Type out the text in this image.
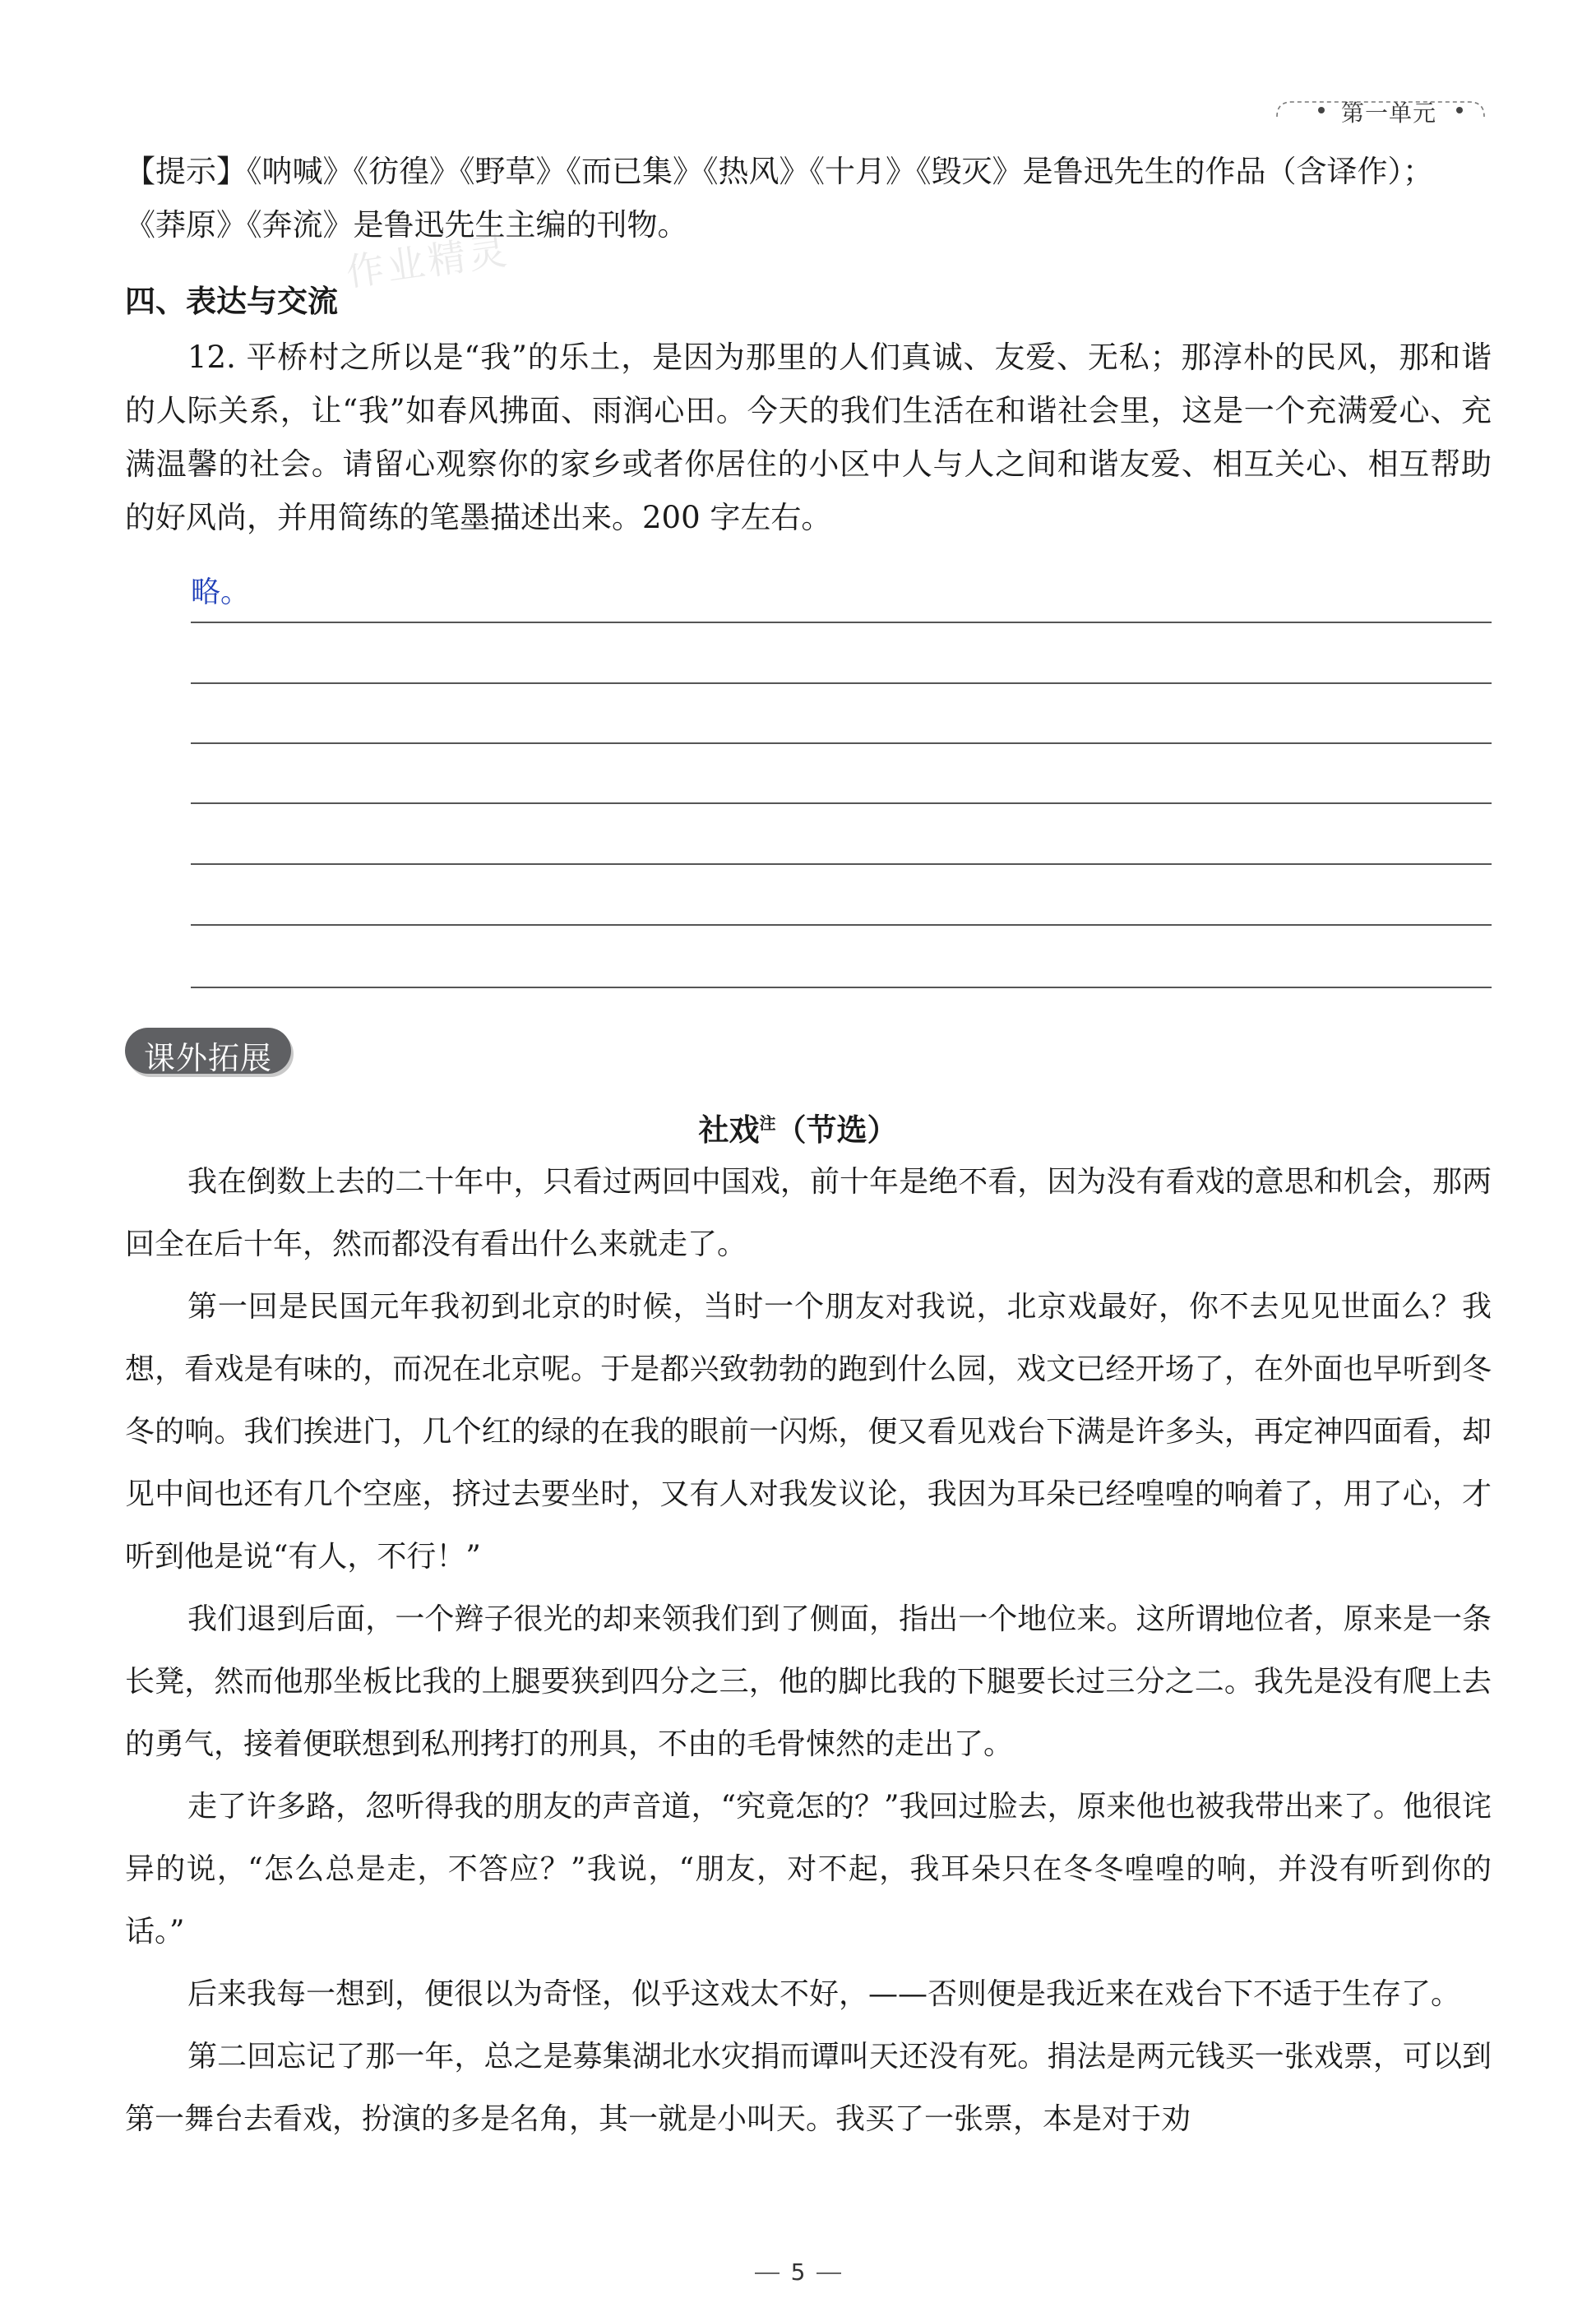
第一单元

【提示】《呐喊》《彷徨》《野草》《而已集》《热风》《十月》《毁灭》是鲁迅先生的作品（含译作）；

《莽原》《奔流》是鲁迅先生主编的刊物。

作业精灵
四、表达与交流
12. 平桥村之所以是“我”的乐土，是因为那里的人们真诚、友爱、无私；那淳朴的民风，那和谐的人际关系，让“我”如春风拂面、雨润心田。今天的我们生活在和谐社会里，这是一个充满爱心、充满温馨的社会。请留心观察你的家乡或者你居住的小区中人与人之间和谐友爱、相互关心、相互帮助的好风尚，并用简练的笔墨描述出来。200 字左右。
略。
课外拓展
社戏$^注$（节选）

我在倒数上去的二十年中，只看过两回中国戏，前十年是绝不看，因为没有看戏的意思和机会，那两回全在后十年，然而都没有看出什么来就走了。

第一回是民国元年我初到北京的时候，当时一个朋友对我说，北京戏最好，你不去见见世面么？我想，看戏是有味的，而况在北京呢。于是都兴致勃勃的跑到什么园，戏文已经开场了，在外面也早听到冬冬的响。我们挨进门，几个红的绿的在我的眼前一闪烁，便又看见戏台下满是许多头，再定神四面看，却见中间也还有几个空座，挤过去要坐时，又有人对我发议论，我因为耳朵已经喤喤的响着了，用了心，才听到他是说“有人，不行！”

我们退到后面，一个辫子很光的却来领我们到了侧面，指出一个地位来。这所谓地位者，原来是一条长凳，然而他那坐板比我的上腿要狭到四分之三，他的脚比我的下腿要长过三分之二。我先是没有爬上去的勇气，接着便联想到私刑拷打的刑具，不由的毛骨悚然的走出了。

走了许多路，忽听得我的朋友的声音道，“究竟怎的？”我回过脸去，原来他也被我带出来了。他很诧异的说，“怎么总是走，不答应？”我说，“朋友，对不起，我耳朵只在冬冬喤喤的响，并没有听到你的话。”

后来我每一想到，便很以为奇怪，似乎这戏太不好，——否则便是我近来在戏台下不适于生存了。

第二回忘记了那一年，总之是募集湖北水灾捐而谭叫天还没有死。捐法是两元钱买一张戏票，可以到第一舞台去看戏，扮演的多是名角，其一就是小叫天。我买了一张票，本是对于劝

5
